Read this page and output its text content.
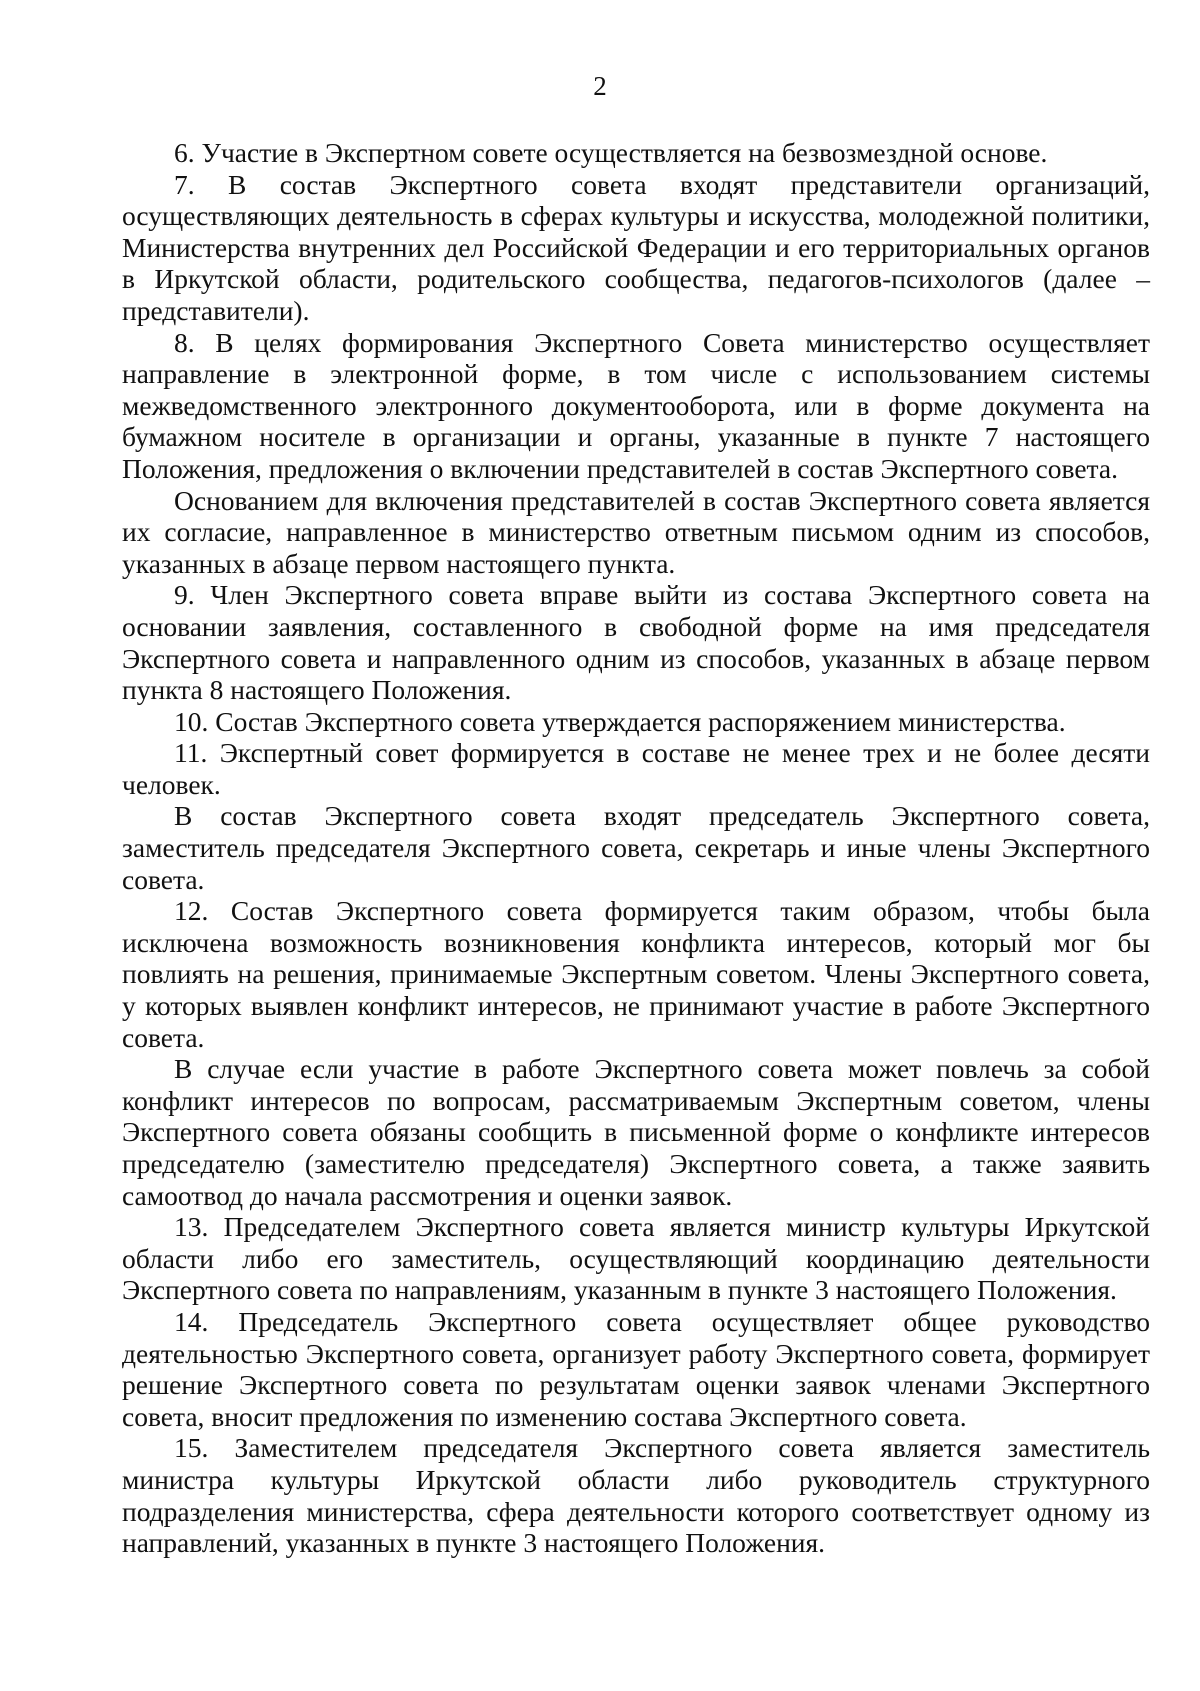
2

6. Участие в Экспертном совете осуществляется на безвозмездной основе.

7. В состав Экспертного совета входят представители организаций, осуществляющих деятельность в сферах культуры и искусства, молодежной политики, Министерства внутренних дел Российской Федерации и его территориальных органов в Иркутской области, родительского сообщества, педагогов-психологов (далее – представители).

8. В целях формирования Экспертного Совета министерство осуществляет направление в электронной форме, в том числе с использованием системы межведомственного электронного документооборота, или в форме документа на бумажном носителе в организации и органы, указанные в пункте 7 настоящего Положения, предложения о включении представителей в состав Экспертного совета.

Основанием для включения представителей в состав Экспертного совета является их согласие, направленное в министерство ответным письмом одним из способов, указанных в абзаце первом настоящего пункта.

9. Член Экспертного совета вправе выйти из состава Экспертного совета на основании заявления, составленного в свободной форме на имя председателя Экспертного совета и направленного одним из способов, указанных в абзаце первом пункта 8 настоящего Положения.

10. Состав Экспертного совета утверждается распоряжением министерства.

11. Экспертный совет формируется в составе не менее трех и не более десяти человек.

В состав Экспертного совета входят председатель Экспертного совета, заместитель председателя Экспертного совета, секретарь и иные члены Экспертного совета.

12. Состав Экспертного совета формируется таким образом, чтобы была исключена возможность возникновения конфликта интересов, который мог бы повлиять на решения, принимаемые Экспертным советом. Члены Экспертного совета, у которых выявлен конфликт интересов, не принимают участие в работе Экспертного совета.

В случае если участие в работе Экспертного совета может повлечь за собой конфликт интересов по вопросам, рассматриваемым Экспертным советом, члены Экспертного совета обязаны сообщить в письменной форме о конфликте интересов председателю (заместителю председателя) Экспертного совета, а также заявить самоотвод до начала рассмотрения и оценки заявок.

13. Председателем Экспертного совета является министр культуры Иркутской области либо его заместитель, осуществляющий координацию деятельности Экспертного совета по направлениям, указанным в пункте 3 настоящего Положения.

14. Председатель Экспертного совета осуществляет общее руководство деятельностью Экспертного совета, организует работу Экспертного совета, формирует решение Экспертного совета по результатам оценки заявок членами Экспертного совета, вносит предложения по изменению состава Экспертного совета.

15. Заместителем председателя Экспертного совета является заместитель министра культуры Иркутской области либо руководитель структурного подразделения министерства, сфера деятельности которого соответствует одному из направлений, указанных в пункте 3 настоящего Положения.
